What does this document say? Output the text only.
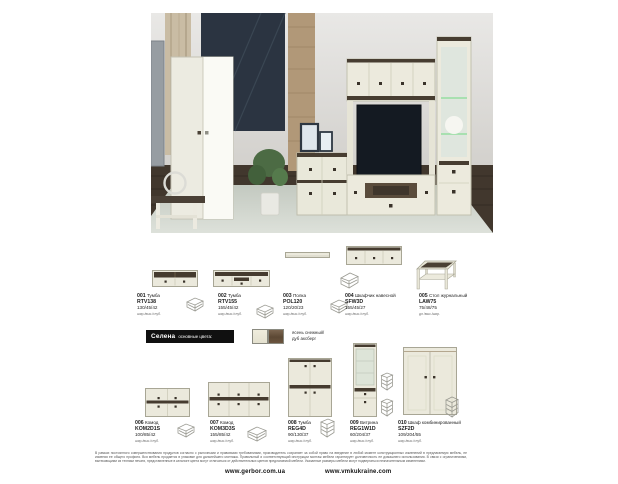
001 Тумба
RTV138
130/45/42
шир./выс./глуб.
002 Тумба
RTV155
155/45/42
шир./выс./глуб.
003 Полка
POL120
120/20/23
шир./выс./глуб.
004 Шкафчик навесной
SFW3D
155/45/27
шир./выс./глуб.
005 Стол журнальный
LAW75
75/48/75
дл./выс./шир.
Селена основные цвета:
ясень снежный/
дуб аксберг
006 Комод
KOM2D1S
100/85/42
шир./выс./глуб.
007 Комод
KOM3D3S
155/85/42
шир./выс./глуб.
008 Тумба
REG4D
90/130/37
шир./выс./глуб.
009 Витрина
REG1W1D
60/204/37
шир./выс./глуб.
010 Шкаф комбинированный
SZF2D
109/204/55
шир./выс./глуб.
В рамках постоянного совершенствования продуктов согласно с рыночными и правовыми требованиями, производитель сохраняет за собой право на введение в любой момент конструкционных изменений в предлагаемую мебель, не изменяя ее общего профиля. Вся мебель продается в упаковке для дальнейшего монтажа. Правильный и соответствующий инструкции монтаж мебели гарантирует долговечность ее домашнего использования. В связи с ограничениями, вытекающими из техники печати, представленные в каталоге цвета могут отличаться от действительных цветов предлагаемой мебели. Указанные размеры мебели могут подвергаться незначительным изменениям.
www.gerbor.com.ua	www.vmkukraine.com
